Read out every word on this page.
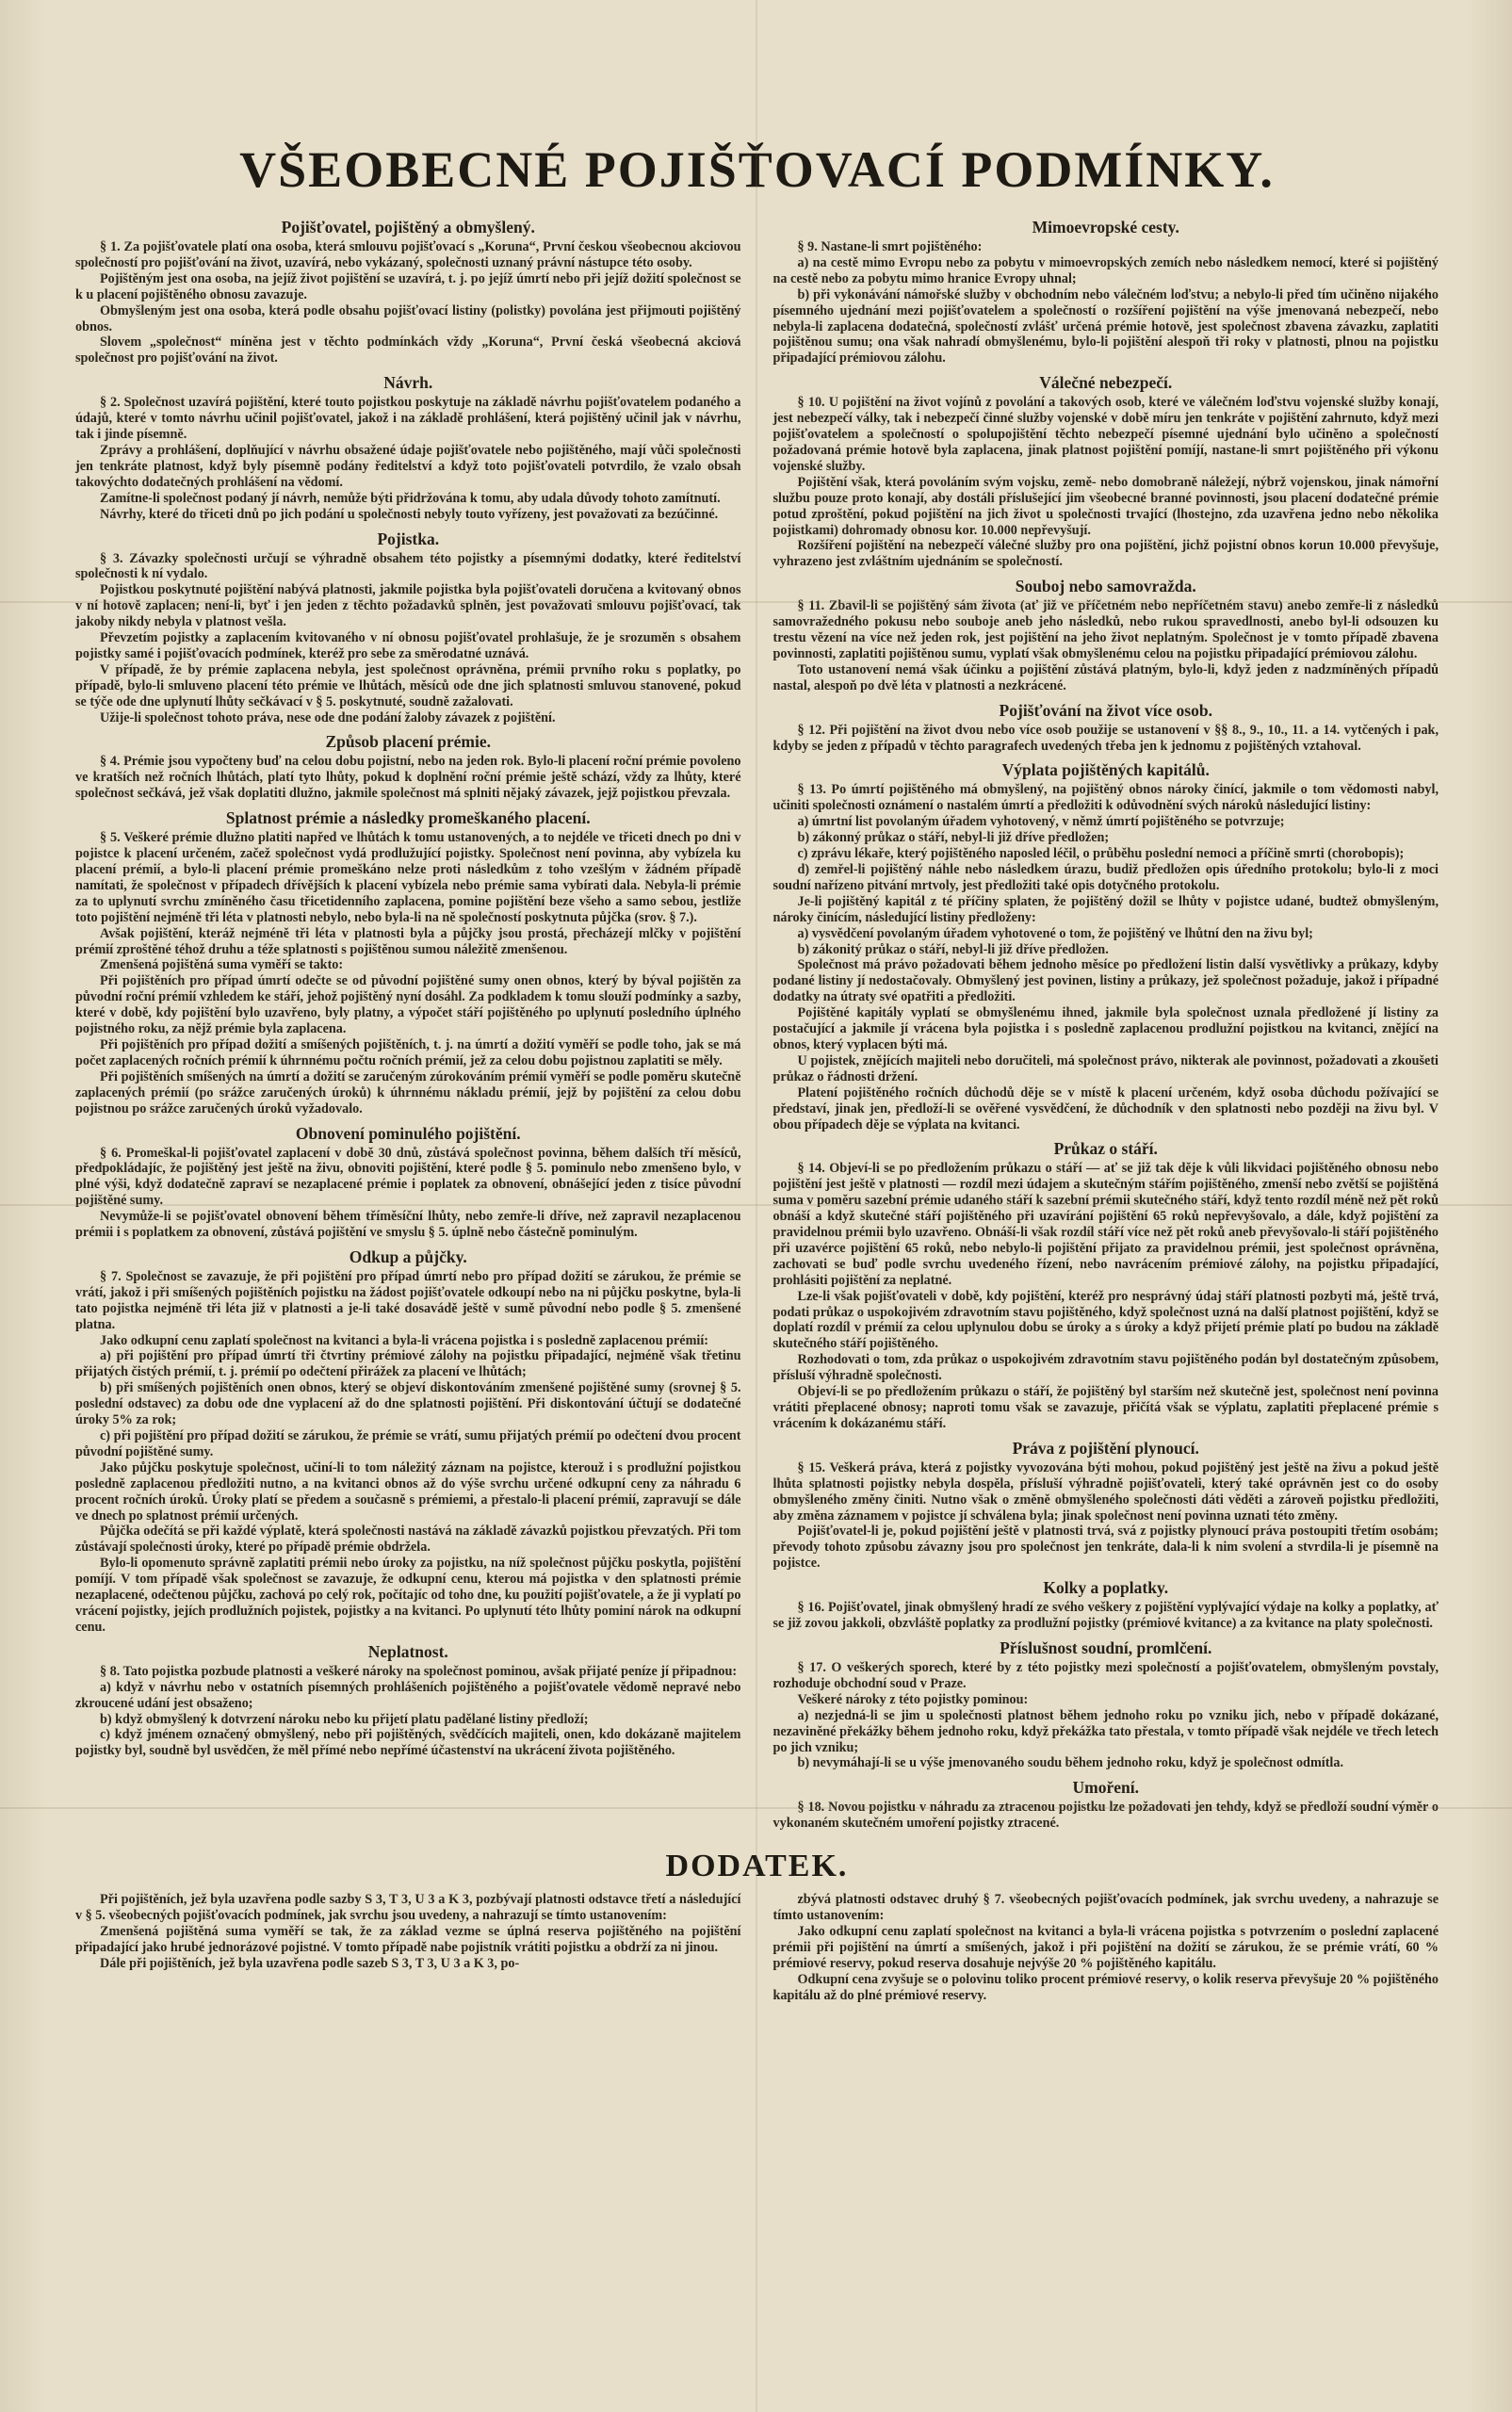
VŠEOBECNÉ POJIŠŤOVACÍ PODMÍNKY.
Pojišťovatel, pojištěný a obmyšlený.

§ 1. Za pojišťovatele platí ona osoba, která smlouvu pojišťovací s „Koruna“, První českou všeobecnou akciovou společností pro pojišťování na život, uzavírá, nebo vykázaný, společnosti uznaný právní nástupce této osoby.

Pojištěným jest ona osoba, na jejíž život pojištění se uzavírá, t. j. po jejíž úmrtí nebo při jejíž dožití společnost se k u placení pojištěného obnosu zavazuje.

Obmyšleným jest ona osoba, která podle obsahu pojišťovací listiny (polistky) povolána jest přijmouti pojištěný obnos.

Slovem „společnost“ míněna jest v těchto podmínkách vždy „Koruna“, První česká všeobecná akciová společnost pro pojišťování na život.

Návrh.

§ 2. Společnost uzavírá pojištění, které touto pojistkou poskytuje na základě návrhu pojišťovatelem podaného a údajů, které v tomto návrhu učinil pojišťovatel, jakož i na základě prohlášení, která pojištěný učinil jak v návrhu, tak i jinde písemně.

Zprávy a prohlášení, doplňující v návrhu obsažené údaje pojišťovatele nebo pojištěného, mají vůči společnosti jen tenkráte platnost, když byly písemně podány ředitelství a když toto pojišťovateli potvrdilo, že vzalo obsah takovýchto dodatečných prohlášení na vědomí.

Zamítne-li společnost podaný jí návrh, nemůže býti přidržována k tomu, aby udala důvody tohoto zamítnutí.

Návrhy, které do třiceti dnů po jich podání u společnosti nebyly touto vyřízeny, jest považovati za bezúčinné.

Pojistka.

§ 3. Závazky společnosti určují se výhradně obsahem této pojistky a písemnými dodatky, které ředitelství společnosti k ní vydalo.

Pojistkou poskytnuté pojištění nabývá platnosti, jakmile pojistka byla pojišťovateli doručena a kvitovaný obnos v ní hotově zaplacen; není-li, byť i jen jeden z těchto požadavků splněn, jest považovati smlouvu pojišťovací, tak jakoby nikdy nebyla v platnost vešla.

Převzetím pojistky a zaplacením kvitovaného v ní obnosu pojišťovatel prohlašuje, že je srozuměn s obsahem pojistky samé i pojišťovacích podmínek, kteréž pro sebe za směrodatné uznává.

V případě, že by prémie zaplacena nebyla, jest společnost oprávněna, prémii prvního roku s poplatky, po případě, bylo-li smluveno placení této prémie ve lhůtách, měsíců ode dne jich splatnosti smluvou stanovené, pokud se týče ode dne uplynutí lhůty sečkávací v § 5. poskytnuté, soudně zažalovati.

Užije-li společnost tohoto práva, nese ode dne podání žaloby závazek z pojištění.

Způsob placení prémie.

§ 4. Prémie jsou vypočteny buď na celou dobu pojistní, nebo na jeden rok. Bylo-li placení roční prémie povoleno ve kratších než ročních lhůtách, platí tyto lhůty, pokud k doplnění roční prémie ještě schází, vždy za lhůty, které společnost sečkává, jež však doplatiti dlužno, jakmile společnost má splniti nějaký závazek, jejž pojistkou převzala.

Splatnost prémie a následky promeškaného placení.

§ 5. Veškeré prémie dlužno platiti napřed ve lhůtách k tomu ustanovených, a to nejdéle ve třiceti dnech po dni v pojistce k placení určeném, začež společnost vydá prodlužující pojistky. Společnost není povinna, aby vybízela ku placení prémií, a bylo-li placení prémie promeškáno nelze proti následkům z toho vzešlým v žádném případě namítati, že společnost v případech dřívějších k placení vybízela nebo prémie sama vybírati dala. Nebyla-li prémie za to uplynutí svrchu zmíněného času třicetidenního zaplacena, pomine pojištění beze všeho a samo sebou, jestliže toto pojištění nejméně tři léta v platnosti nebylo, nebo byla-li na ně společností poskytnuta půjčka (srov. § 7.).

Avšak pojištění, kteráž nejméně tři léta v platnosti byla a půjčky jsou prostá, přecházejí mlčky v pojištění prémií zproštěné téhož druhu a téže splatnosti s pojištěnou sumou náležitě zmenšenou.

Zmenšená pojištěná suma vyměří se takto:

Při pojištěních pro případ úmrtí odečte se od původní pojištěné sumy onen obnos, který by býval pojištěn za původní roční prémií vzhledem ke stáří, jehož pojištěný nyní dosáhl. Za podkladem k tomu slouží podmínky a sazby, které v době, kdy pojištění bylo uzavřeno, byly platny, a výpočet stáří pojištěného po uplynutí posledního úplného pojistného roku, za nějž prémie byla zaplacena.

Při pojištěních pro případ dožití a smíšených pojištěních, t. j. na úmrtí a dožití vyměří se podle toho, jak se má počet zaplacených ročních prémií k úhrnnému počtu ročních prémií, jež za celou dobu pojistnou zaplatiti se měly.

Při pojištěních smíšených na úmrtí a dožití se zaručeným zúrokováním prémií vyměří se podle poměru skutečně zaplacených prémií (po srážce zaručených úroků) k úhrnnému nákladu prémií, jejž by pojištění za celou dobu pojistnou po srážce zaručených úroků vyžadovalo.

Obnovení pominulého pojištění.

§ 6. Promeškal-li pojišťovatel zaplacení v době 30 dnů, zůstává společnost povinna, během dalších tří měsíců, předpokládajíc, že pojištěný jest ještě na živu, obnoviti pojištění, které podle § 5. pominulo nebo zmenšeno bylo, v plné výši, když dodatečně zapraví se nezaplacené prémie i poplatek za obnovení, obnášející jeden z tisíce původní pojištěné sumy.

Nevymůže-li se pojišťovatel obnovení během tříměsíční lhůty, nebo zemře-li dříve, než zapravil nezaplacenou prémii i s poplatkem za obnovení, zůstává pojištění ve smyslu § 5. úplně nebo částečně pominulým.

Odkup a půjčky.

§ 7. Společnost se zavazuje, že při pojištění pro případ úmrtí nebo pro případ dožití se zárukou, že prémie se vrátí, jakož i při smíšených pojištěních pojistku na žádost pojišťovatele odkoupí nebo na ni půjčku poskytne, byla-li tato pojistka nejméně tři léta již v platnosti a je-li také dosavádě ještě v sumě původní nebo podle § 5. zmenšené platna.

Jako odkupní cenu zaplatí společnost na kvitanci a byla-li vrácena pojistka i s posledně zaplacenou prémií:

a) při pojištění pro případ úmrtí tři čtvrtiny prémiové zálohy na pojistku připadající, nejméně však třetinu přijatých čistých prémií, t. j. prémií po odečtení přirážek za placení ve lhůtách;

b) při smíšených pojištěních onen obnos, který se objeví diskontováním zmenšené pojištěné sumy (srovnej § 5. poslední odstavec) za dobu ode dne vyplacení až do dne splatnosti pojištění. Při diskontování účtují se dodatečné úroky 5% za rok;

c) při pojištění pro případ dožití se zárukou, že prémie se vrátí, sumu přijatých prémií po odečtení dvou procent původní pojištěné sumy.

Jako půjčku poskytuje společnost, učiní-li to tom náležitý záznam na pojistce, kterouž i s prodlužní pojistkou posledně zaplacenou předložiti nutno, a na kvitanci obnos až do výše svrchu určené odkupní ceny za náhradu 6 procent ročních úroků. Úroky platí se předem a současně s prémiemi, a přestalo-li placení prémií, zapravují se dále ve dnech po splatnost prémií určených.

Půjčka odečítá se při každé výplatě, která společnosti nastává na základě závazků pojistkou převzatých. Při tom zůstávají společnosti úroky, které po případě prémie obdržela.

Bylo-li opomenuto správně zaplatiti prémii nebo úroky za pojistku, na níž společnost půjčku poskytla, pojištění pomíjí. V tom případě však společnost se zavazuje, že odkupní cenu, kterou má pojistka v den splatnosti prémie nezaplacené, odečtenou půjčku, zachová po celý rok, počítajíc od toho dne, ku použití pojišťovatele, a že ji vyplatí po vrácení pojistky, jejích prodlužních pojistek, pojistky a na kvitanci. Po uplynutí této lhůty pominí nárok na odkupní cenu.

Neplatnost.

§ 8. Tato pojistka pozbude platnosti a veškeré nároky na společnost pominou, avšak přijaté peníze jí připadnou:

a) když v návrhu nebo v ostatních písemných prohlášeních pojištěného a pojišťovatele vědomě nepravé nebo zkroucené udání jest obsaženo;

b) když obmyšlený k dotvrzení nároku nebo ku přijetí platu padělané listiny předloží;

c) když jménem označený obmyšlený, nebo při pojištěných, svědčících majiteli, onen, kdo dokázaně majitelem pojistky byl, soudně byl usvědčen, že měl přímé nebo nepřímé účastenství na ukrácení života pojištěného.

Mimoevropské cesty.

§ 9. Nastane-li smrt pojištěného:

a) na cestě mimo Evropu nebo za pobytu v mimoevropských zemích nebo následkem nemocí, které si pojištěný na cestě nebo za pobytu mimo hranice Evropy uhnal;

b) při vykonávání námořské služby v obchodním nebo válečném loďstvu; a nebylo-li před tím učiněno nijakého písemného ujednání mezi pojišťovatelem a společností o rozšíření pojištění na výše jmenovaná nebezpečí, nebo nebyla-li zaplacena dodatečná, společností zvlášť určená prémie hotově, jest společnost zbavena závazku, zaplatiti pojištěnou sumu; ona však nahradí obmyšlenému, bylo-li pojištění alespoň tři roky v platnosti, plnou na pojistku připadající prémiovou zálohu.

Válečné nebezpečí.

§ 10. U pojištění na život vojínů z povolání a takových osob, které ve válečném loďstvu vojenské služby konají, jest nebezpečí války, tak i nebezpečí činné služby vojenské v době míru jen tenkráte v pojištění zahrnuto, když mezi pojišťovatelem a společností o spolupojištění těchto nebezpečí písemné ujednání bylo učiněno a společností požadovaná prémie hotově byla zaplacena, jinak platnost pojištění pomíjí, nastane-li smrt pojištěného při výkonu vojenské služby.

Pojištění však, která povoláním svým vojsku, země- nebo domobraně náležejí, nýbrž vojenskou, jinak námořní službu pouze proto konají, aby dostáli příslušející jim všeobecné branné povinnosti, jsou placení dodatečné prémie potud zproštění, pokud pojištění na jich život u společnosti trvající (lhostejno, zda uzavřena jedno nebo několika pojistkami) dohromady obnosu kor. 10.000 nepřevyšují.

Rozšíření pojištění na nebezpečí válečné služby pro ona pojištění, jichž pojistní obnos korun 10.000 převyšuje, vyhrazeno jest zvláštním ujednáním se společností.

Souboj nebo samovražda.

§ 11. Zbavil-li se pojištěný sám života (ať již ve příčetném nebo nepříčetném stavu) anebo zemře-li z následků samovražedného pokusu nebo souboje aneb jeho následků, nebo rukou spravedlnosti, anebo byl-li odsouzen ku trestu vězení na více než jeden rok, jest pojištění na jeho život neplatným. Společnost je v tomto případě zbavena povinnosti, zaplatiti pojištěnou sumu, vyplatí však obmyšlenému celou na pojistku připadající prémiovou zálohu.

Toto ustanovení nemá však účinku a pojištění zůstává platným, bylo-li, když jeden z nadzmíněných případů nastal, alespoň po dvě léta v platnosti a nezkrácené.

Pojišťování na život více osob.

§ 12. Při pojištění na život dvou nebo více osob použije se ustanovení v §§ 8., 9., 10., 11. a 14. vytčených i pak, kdyby se jeden z případů v těchto paragrafech uvedených třeba jen k jednomu z pojištěných vztahoval.

Výplata pojištěných kapitálů.

§ 13. Po úmrtí pojištěného má obmyšlený, na pojištěný obnos nároky činící, jakmile o tom vědomosti nabyl, učiniti společnosti oznámení o nastalém úmrtí a předložiti k odůvodnění svých nároků následující listiny:

a) úmrtní list povolaným úřadem vyhotovený, v němž úmrtí pojištěného se potvrzuje;

b) zákonný průkaz o stáří, nebyl-li již dříve předložen;

c) zprávu lékaře, který pojištěného naposled léčil, o průběhu poslední nemoci a příčině smrti (chorobopis);

d) zemřel-li pojištěný náhle nebo následkem úrazu, budiž předložen opis úředního protokolu; bylo-li z moci soudní nařízeno pitvání mrtvoly, jest předložiti také opis dotyčného protokolu.

Je-li pojištěný kapitál z té příčiny splaten, že pojištěný dožil se lhůty v pojistce udané, budtež obmyšleným, nároky činícím, následující listiny předloženy:

a) vysvědčení povolaným úřadem vyhotovené o tom, že pojištěný ve lhůtní den na živu byl;

b) zákonitý průkaz o stáří, nebyl-li již dříve předložen.

Společnost má právo požadovati během jednoho měsíce po předložení listin další vysvětlivky a průkazy, kdyby podané listiny jí nedostačovaly. Obmyšlený jest povinen, listiny a průkazy, jež společnost požaduje, jakož i případné dodatky na útraty své opatřiti a předložiti.

Pojištěné kapitály vyplatí se obmyšlenému ihned, jakmile byla společnost uznala předložené jí listiny za postačující a jakmile jí vrácena byla pojistka i s posledně zaplacenou prodlužní pojistkou na kvitanci, znějící na obnos, který vyplacen býti má.

U pojistek, znějících majiteli nebo doručiteli, má společnost právo, nikterak ale povinnost, požadovati a zkoušeti průkaz o řádnosti držení.

Platení pojištěného ročních důchodů děje se v místě k placení určeném, když osoba důchodu požívající se představí, jinak jen, předloží-li se ověřené vysvědčení, že důchodník v den splatnosti nebo později na živu byl. V obou případech děje se výplata na kvitanci.

Průkaz o stáří.

§ 14. Objeví-li se po předložením průkazu o stáří — ať se již tak děje k vůli likvidaci pojištěného obnosu nebo pojištění jest ještě v platnosti — rozdíl mezi údajem a skutečným stářím pojištěného, zmenší nebo zvětší se pojištěná suma v poměru sazební prémie udaného stáří k sazební prémii skutečného stáří, když tento rozdíl méně než pět roků obnáší a když skutečné stáří pojištěného při uzavírání pojištění 65 roků nepřevyšovalo, a dále, když pojištění za pravidelnou prémii bylo uzavřeno. Obnáší-li však rozdíl stáří více než pět roků aneb převyšovalo-li stáří pojištěného při uzavérce pojištění 65 roků, nebo nebylo-li pojištění přijato za pravidelnou prémii, jest společnost oprávněna, zachovati se buď podle svrchu uvedeného řízení, nebo navrácením prémiové zálohy, na pojistku připadající, prohlásiti pojištění za neplatné.

Lze-li však pojišťovateli v době, kdy pojištění, kteréž pro nesprávný údaj stáří platnosti pozbyti má, ještě trvá, podati průkaz o uspokojivém zdravotním stavu pojištěného, když společnost uzná na další platnost pojištění, když se doplatí rozdíl v prémií za celou uplynulou dobu se úroky a s úroky a když přijetí prémie platí po budou na základě skutečného stáří pojištěného.

Rozhodovati o tom, zda průkaz o uspokojivém zdravotním stavu pojištěného podán byl dostatečným způsobem, přísluší výhradně společnosti.

Objeví-li se po předložením průkazu o stáří, že pojištěný byl starším než skutečně jest, společnost není povinna vrátiti přeplacené obnosy; naproti tomu však se zavazuje, přičítá však se výplatu, zaplatiti přeplacené prémie s vrácením k dokázanému stáří.

Práva z pojištění plynoucí.

§ 15. Veškerá práva, která z pojistky vyvozována býti mohou, pokud pojištěný jest ještě na živu a pokud ještě lhůta splatnosti pojistky nebyla dospěla, přísluší výhradně pojišťovateli, který také oprávněn jest co do osoby obmyšleného změny činiti. Nutno však o změně obmyšleného společnosti dáti věděti a zároveň pojistku předložiti, aby změna záznamem v pojistce jí schválena byla; jinak společnost není povinna uznati této změny.

Pojišťovatel-li je, pokud pojištění ještě v platnosti trvá, svá z pojistky plynoucí práva postoupiti třetím osobám; převody tohoto způsobu závazny jsou pro společnost jen tenkráte, dala-li k nim svolení a stvrdila-li je písemně na pojistce.

Kolky a poplatky.

§ 16. Pojišťovatel, jinak obmyšlený hradí ze svého veškery z pojištění vyplývající výdaje na kolky a poplatky, ať se již zovou jakkoli, obzvláště poplatky za prodlužní pojistky (prémiové kvitance) a za kvitance na platy společnosti.

Příslušnost soudní, promlčení.

§ 17. O veškerých sporech, které by z této pojistky mezi společností a pojišťovatelem, obmyšleným povstaly, rozhoduje obchodní soud v Praze.

Veškeré nároky z této pojistky pominou:

a) nezjedná-li se jim u společnosti platnost během jednoho roku po vzniku jich, nebo v případě dokázané, nezaviněné překážky během jednoho roku, když překážka tato přestala, v tomto případě však nejdéle ve třech letech po jich vzniku;

b) nevymáhají-li se u výše jmenovaného soudu během jednoho roku, když je společnost odmítla.

Umoření.

§ 18. Novou pojistku v náhradu za ztracenou pojistku lze požadovati jen tehdy, když se předloží soudní výměr o vykonaném skutečném umoření pojistky ztracené.

DODATEK.

Při pojištěních, jež byla uzavřena podle sazby S 3, T 3, U 3 a K 3, pozbývají platnosti odstavce třetí a následující v § 5. všeobecných pojišťovacích podmínek, jak svrchu jsou uvedeny, a nahrazují se tímto ustanovením:

Zmenšená pojištěná suma vyměří se tak, že za základ vezme se úplná reserva pojištěného na pojištění připadající jako hrubé jednorázové pojistné. V tomto případě nabe pojistník vrátiti pojistku a obdrží za ni jinou.

Dále při pojištěních, jež byla uzavřena podle sazeb S 3, T 3, U 3 a K 3, po-

zbývá platnosti odstavec druhý § 7. všeobecných pojišťovacích podmínek, jak svrchu uvedeny, a nahrazuje se tímto ustanovením:

Jako odkupní cenu zaplatí společnost na kvitanci a byla-li vrácena pojistka s potvrzením o poslední zaplacené prémii při pojištění na úmrtí a smíšených, jakož i při pojištění na dožití se zárukou, že se prémie vrátí, 60 % prémiové reservy, pokud reserva dosahuje nejvýše 20 % pojištěného kapitálu.

Odkupní cena zvyšuje se o polovinu toliko procent prémiové reservy, o kolik reserva převyšuje 20 % pojištěného kapitálu až do plné prémiové reservy.
